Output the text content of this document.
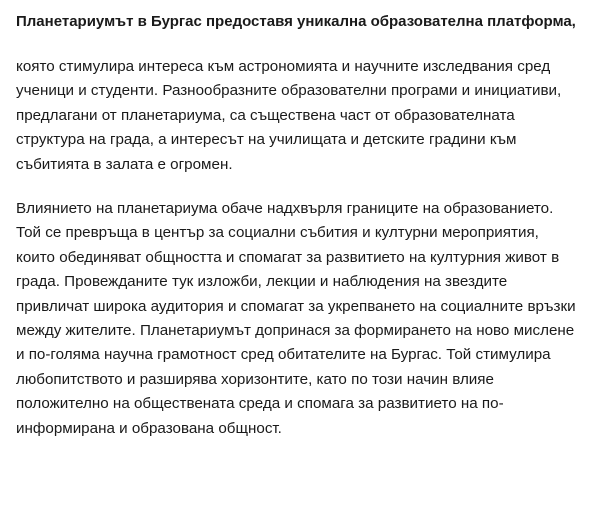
Планетариумът в Бургас предоставя уникална образователна платформа,

която стимулира интереса към астрономията и научните изследвания сред ученици и студенти. Разнообразните образователни програми и инициативи, предлагани от планетариума, са съществена част от образователната структура на града, а интересът на училищата и детските градини към събитията в залата е огромен.

Влиянието на планетариума обаче надхвърля границите на образованието. Той се превръща в център за социални събития и културни мероприятия, които обединяват общността и спомагат за развитието на културния живот в града. Провежданите тук изложби, лекции и наблюдения на звездите привличат широка аудитория и спомагат за укрепването на социалните връзки между жителите. Планетариумът допринася за формирането на ново мислене и по-голяма научна грамотност сред обитателите на Бургас. Той стимулира любопитството и разширява хоризонтите, като по този начин влияе положително на обществената среда и спомага за развитието на по-информирана и образована общност.
